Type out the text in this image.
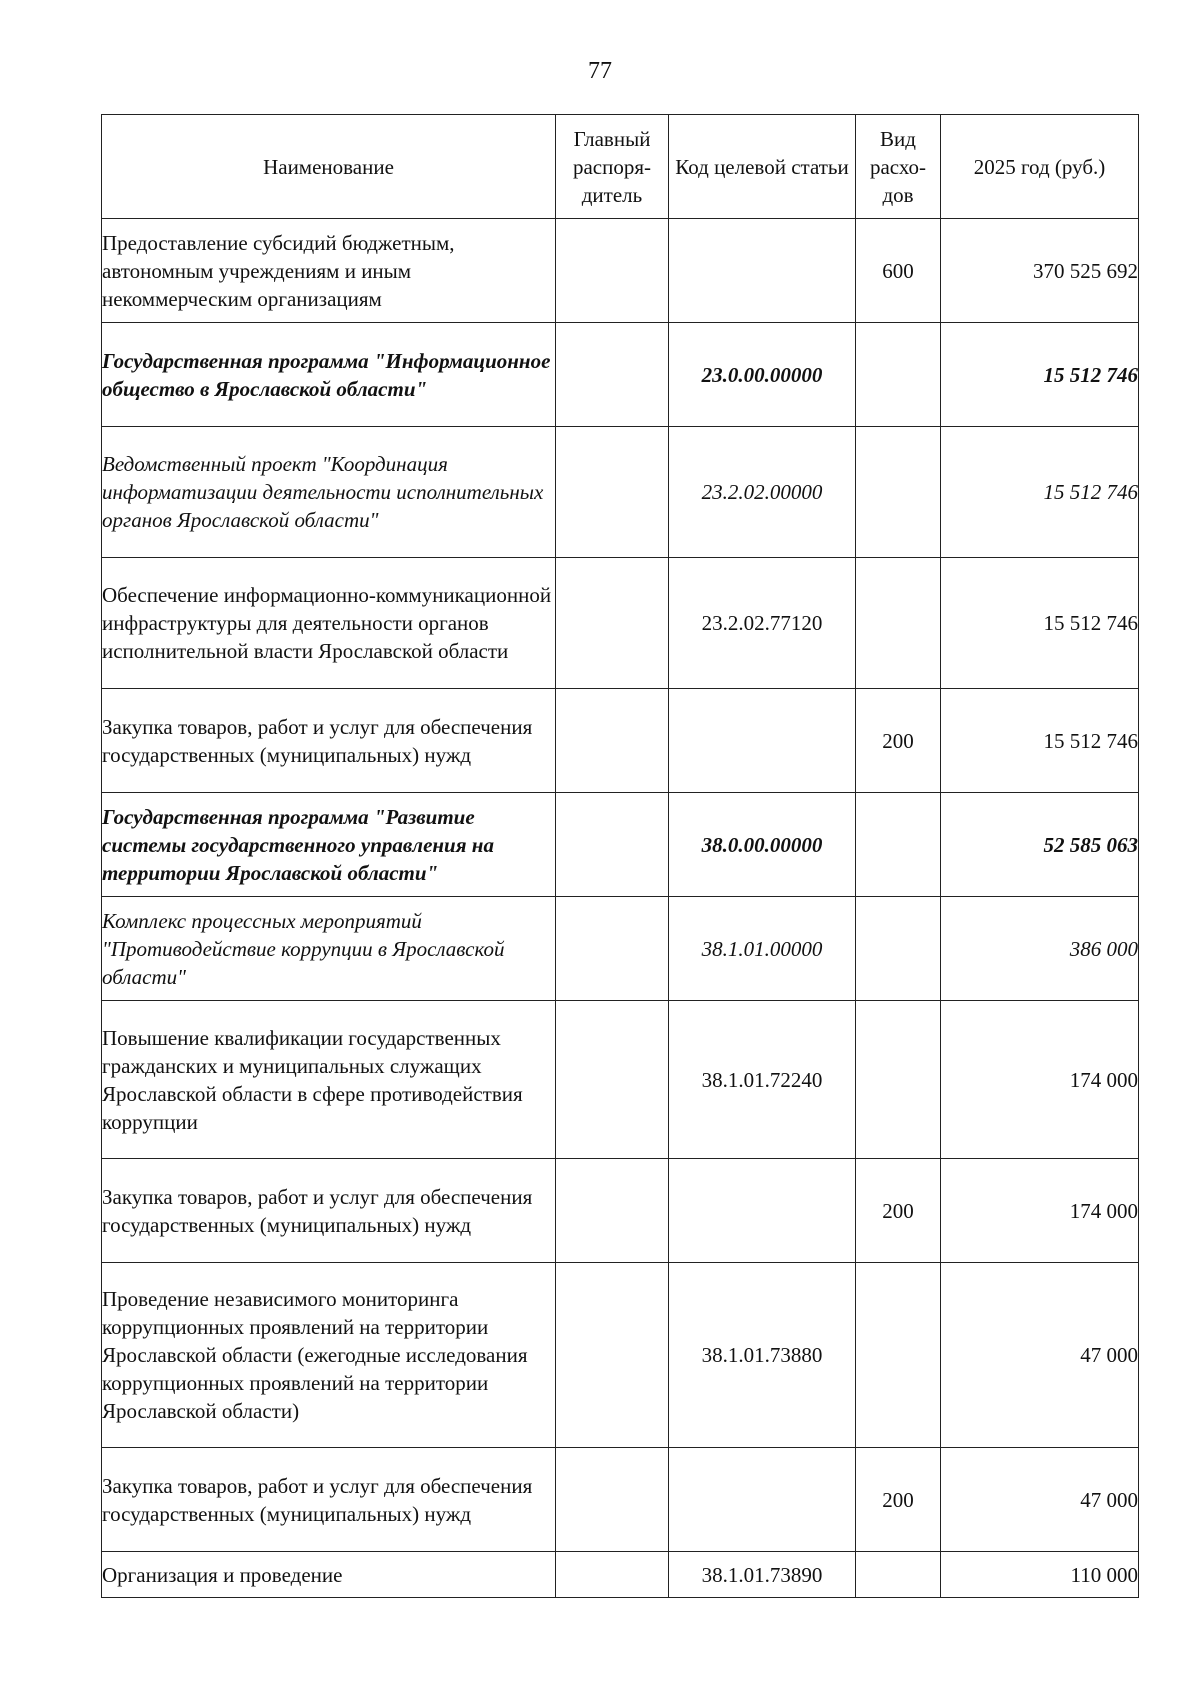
77
Наименование	Главный распоря-дитель	Код целевой статьи	Вид расхо-дов	2025 год (руб.)
Предоставление субсидий бюджетным, автономным учреждениям и иным некоммерческим организациям			600	370 525 692
Государственная программа "Информационное общество в Ярославской области"		23.0.00.00000		15 512 746
Ведомственный проект "Координация информатизации деятельности исполнительных органов Ярославской области"		23.2.02.00000		15 512 746
Обеспечение информационно-коммуникационной инфраструктуры для деятельности органов исполнительной власти Ярославской области		23.2.02.77120		15 512 746
Закупка товаров, работ и услуг для обеспечения государственных (муниципальных) нужд			200	15 512 746
Государственная программа "Развитие системы государственного управления на территории Ярославской области"		38.0.00.00000		52 585 063
Комплекс процессных мероприятий "Противодействие коррупции в Ярославской области"		38.1.01.00000		386 000
Повышение квалификации государственных гражданских и муниципальных служащих Ярославской области в сфере противодействия коррупции		38.1.01.72240		174 000
Закупка товаров, работ и услуг для обеспечения государственных (муниципальных) нужд			200	174 000
Проведение независимого мониторинга коррупционных проявлений на территории Ярославской области (ежегодные исследования коррупционных проявлений на территории Ярославской области)		38.1.01.73880		47 000
Закупка товаров, работ и услуг для обеспечения государственных (муниципальных) нужд			200	47 000
Организация и проведение		38.1.01.73890		110 000
